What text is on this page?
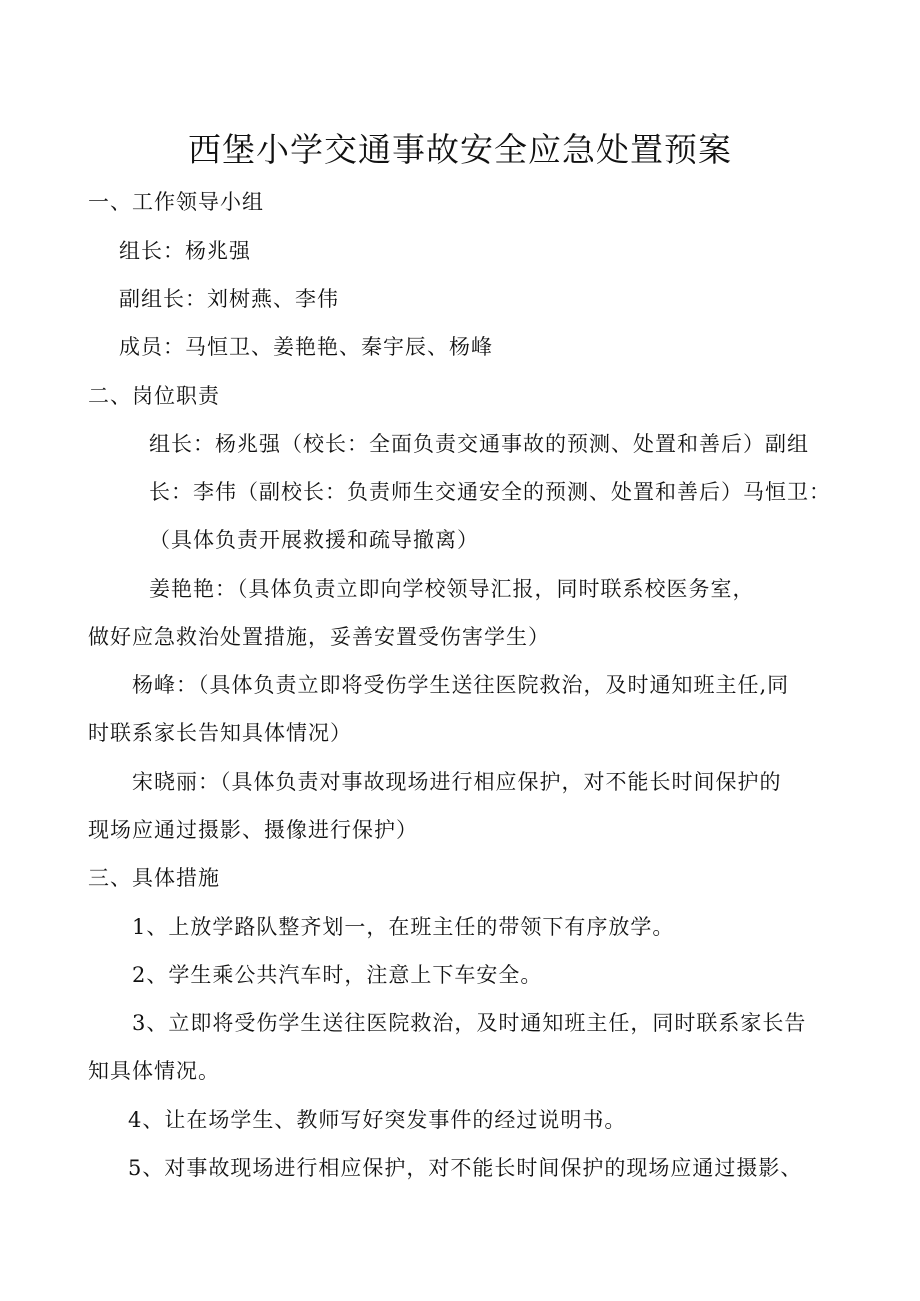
西堡小学交通事故安全应急处置预案
一、工作领导小组
组长：杨兆强
副组长：刘树燕、李伟
成员：马恒卫、姜艳艳、秦宇辰、杨峰
二、岗位职责
组长：杨兆强（校长：全面负责交通事故的预测、处置和善后）副组
长：李伟（副校长：负责师生交通安全的预测、处置和善后）马恒卫：
（具体负责开展救援和疏导撤离）
姜艳艳：（具体负责立即向学校领导汇报，同时联系校医务室，
做好应急救治处置措施，妥善安置受伤害学生）
杨峰：（具体负责立即将受伤学生送往医院救治，及时通知班主任,同
时联系家长告知具体情况）
宋晓丽：（具体负责对事故现场进行相应保护，对不能长时间保护的
现场应通过摄影、摄像进行保护）
三、具体措施
1、上放学路队整齐划一，在班主任的带领下有序放学。
2、学生乘公共汽车时，注意上下车安全。
3、立即将受伤学生送往医院救治，及时通知班主任，同时联系家长告
知具体情况。
4、让在场学生、教师写好突发事件的经过说明书。
5、对事故现场进行相应保护，对不能长时间保护的现场应通过摄影、
